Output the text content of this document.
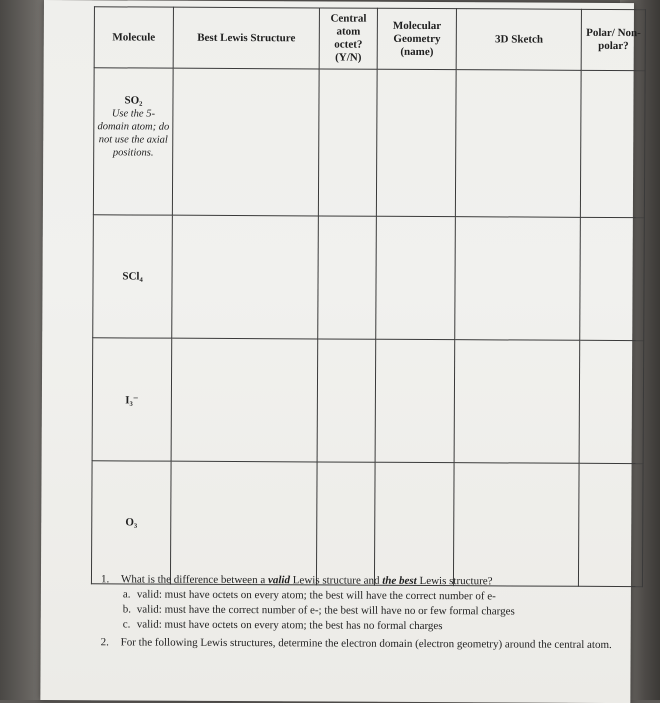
Molecule	Best Lewis Structure	Central atom octet? (Y/N)	Molecular Geometry (name)	3D Sketch	Polar/ Non-polar?

SO₂
Use the 5-domain atom; do not use the axial positions.					

SCl₄					

I₃⁻					

O₃					

1.	What is the difference between a valid Lewis structure and the best Lewis structure?
a. valid: must have octets on every atom; the best will have the correct number of e-
b. valid: must have the correct number of e-; the best will have no or few formal charges
c. valid: must have octets on every atom; the best has no formal charges
2.	For the following Lewis structures, determine the electron domain (electron geometry) around the central atom.
